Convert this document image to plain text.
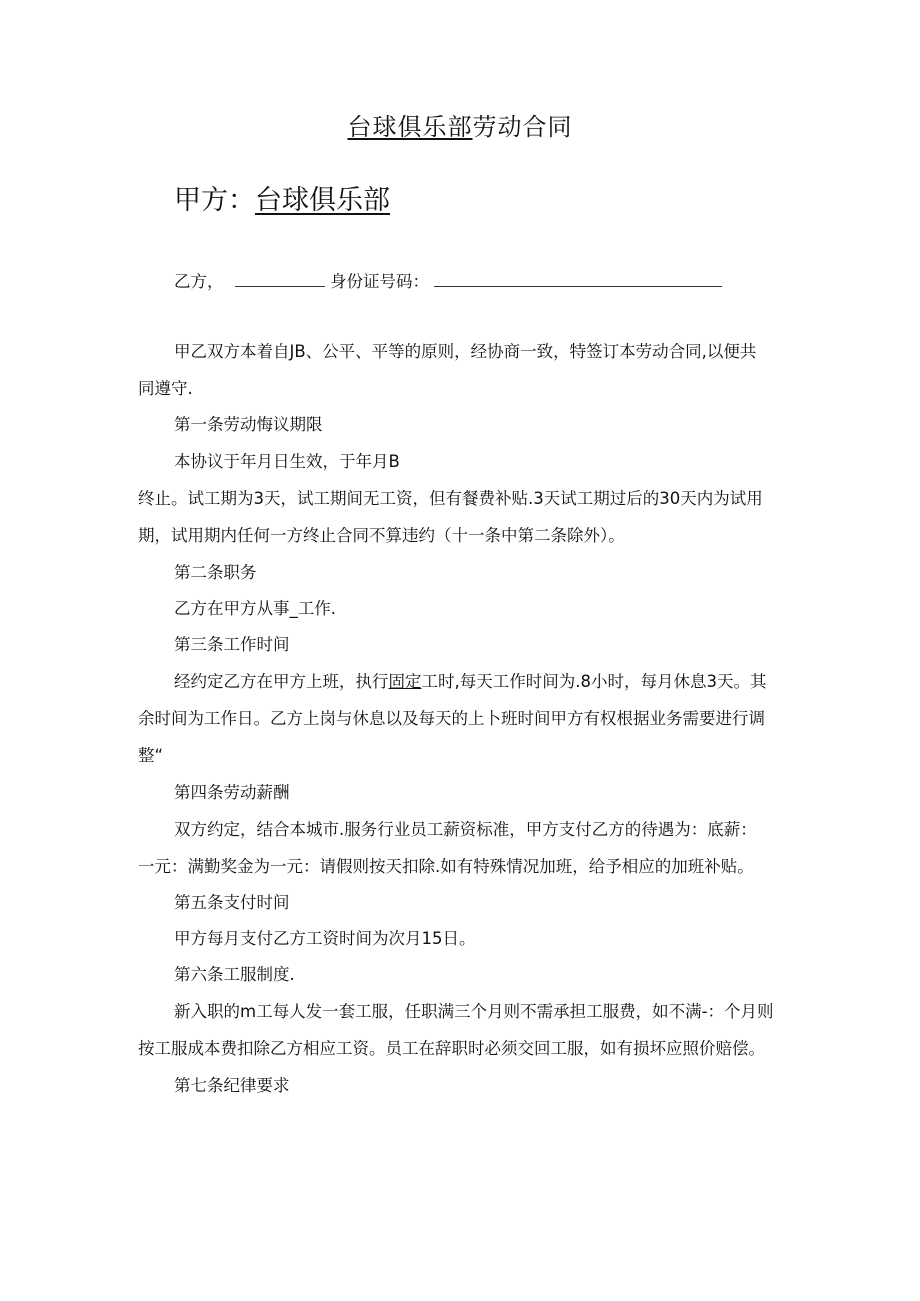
台球俱乐部劳动合同
甲方：台球俱乐部
乙方，	身份证号码：
甲乙双方本着自JB、公平、平等的原则，经协商一致，特签订本劳动合同,以便共
同遵守.
第一条劳动悔议期限
本协议于年月日生效，于年月B
终止。试工期为3天，试工期间无工资，但有餐费补贴.3天试工期过后的30天内为试用
期，试用期内任何一方终止合同不算违约（十一条中第二条除外）。
第二条职务
乙方在甲方从事_工作.
第三条工作时间
经约定乙方在甲方上班，执行固定工时,每天工作时间为.8小时，每月休息3天。其
余时间为工作日。乙方上岗与休息以及每天的上卜班时间甲方有权根据业务需要进行调
整“
第四条劳动薪酬
双方约定，结合本城市.服务行业员工薪资标准，甲方支付乙方的待遇为：底薪：
一元：满勤奖金为一元：请假则按天扣除.如有特殊情况加班，给予相应的加班补贴。
第五条支付时间
甲方每月支付乙方工资时间为次月15日。
第六条工服制度.
新入职的m工每人发一套工服，任职满三个月则不需承担工服费，如不满-：个月则
按工服成本费扣除乙方相应工资。员工在辞职时必须交回工服，如有损坏应照价赔偿。
第七条纪律要求
